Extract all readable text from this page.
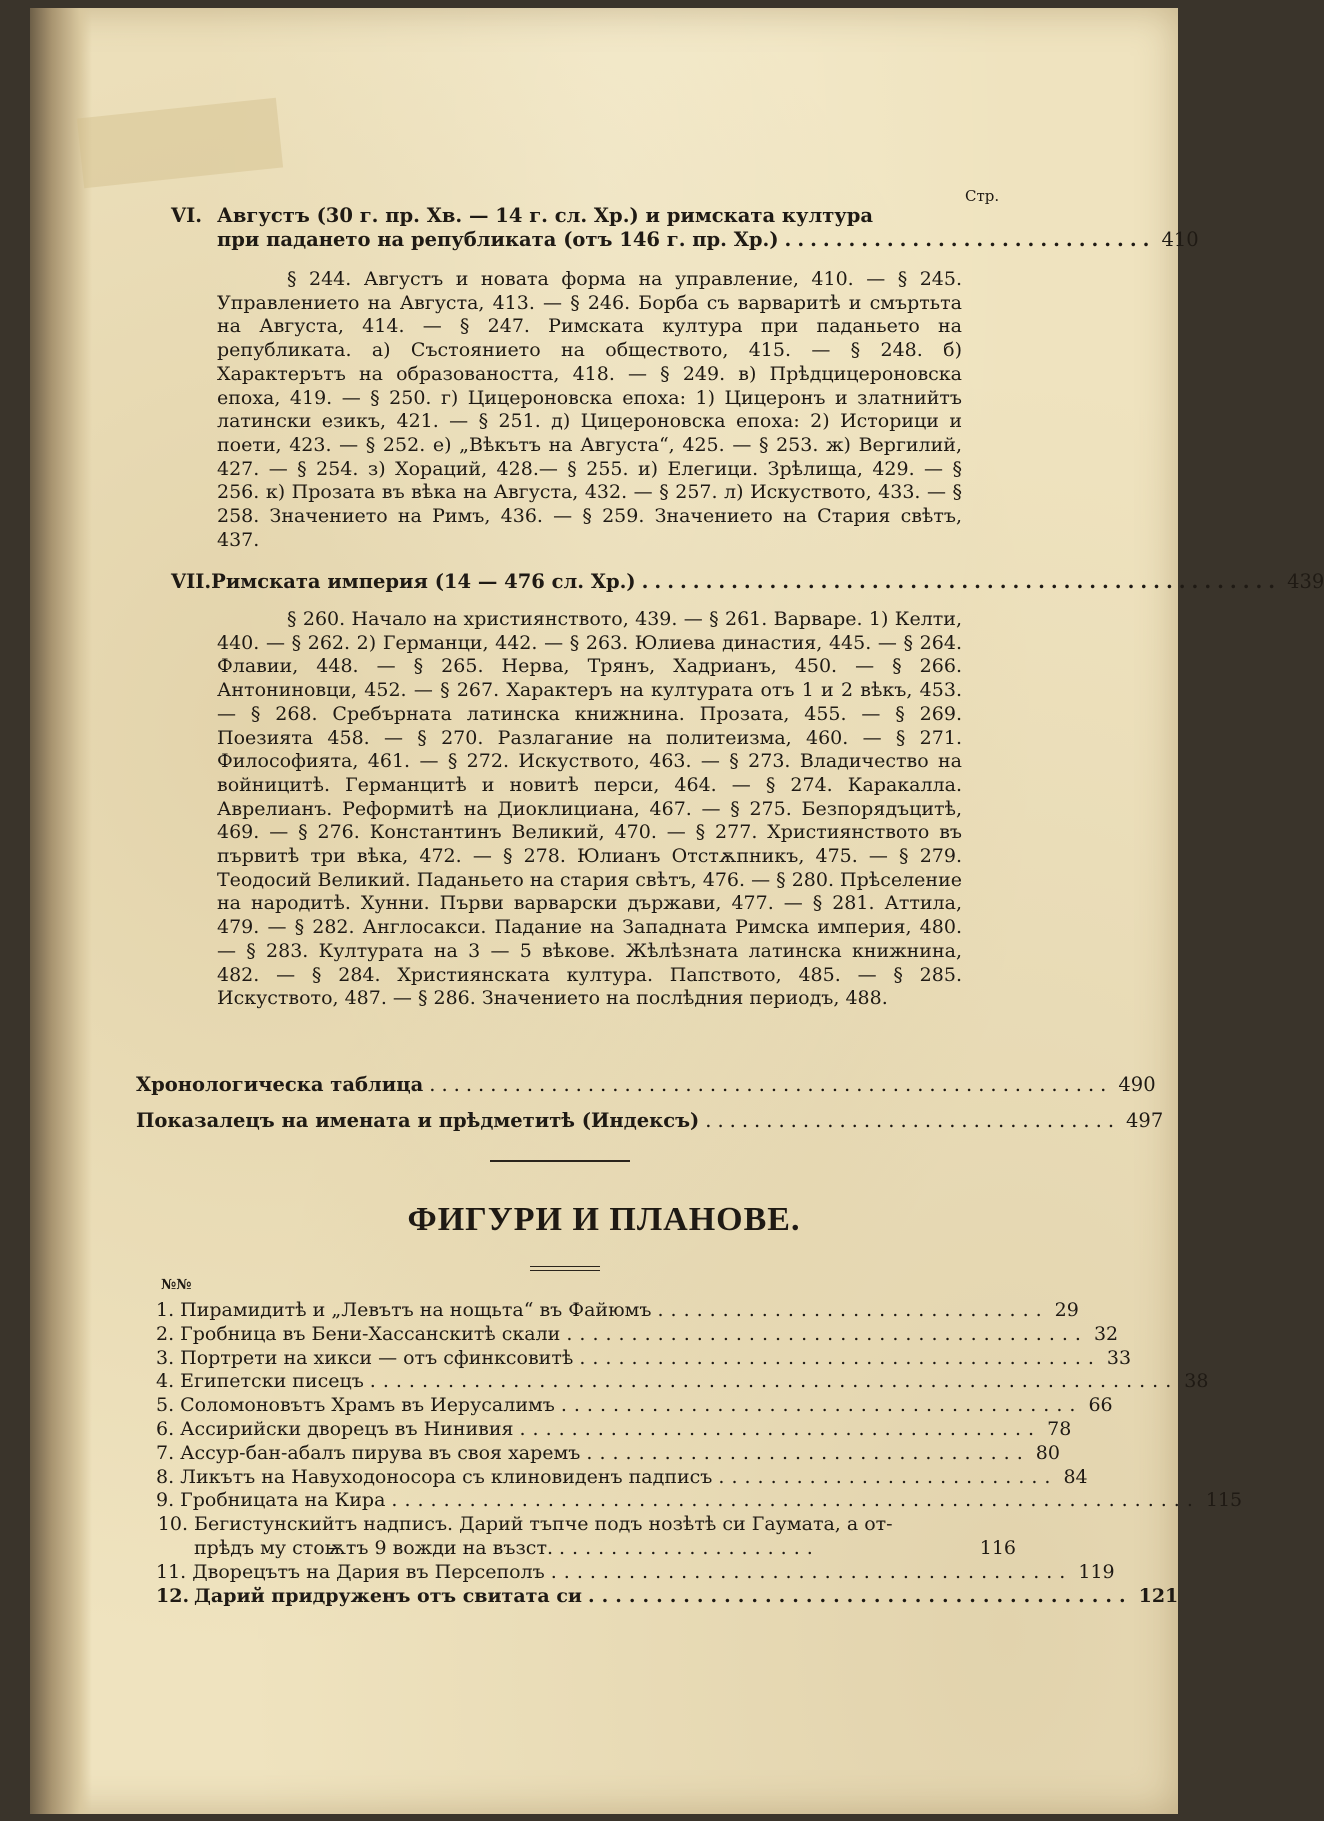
Стр.
VI. Августъ (30 г. пр. Хв. — 14 г. сл. Хр.) и римската култура
при падането на републиката (отъ 146 г. пр. Хр.) ............................. 410
§ 244. Августъ и новата форма на управление, 410. — § 245. Управлението на Августа, 413. — § 246. Борба съ варваритѣ и смъртьта на Августа, 414. — § 247. Римската култура при паданьето на републиката. а) Състоянието на обществото, 415. — § 248. б) Характерътъ на образоваността, 418. — § 249. в) Прѣдцицероновска епоха, 419. — § 250. г) Цицероновска епоха: 1) Цицеронъ и златнийтъ латински езикъ, 421. — § 251. д) Цицероновска епоха: 2) Историци и поети, 423. — § 252. е) „Вѣкътъ на Августа“, 425. — § 253. ж) Вергилий, 427. — § 254. з) Хораций, 428.— § 255. и) Елегици. Зрѣлища, 429. — § 256. к) Прозата въ вѣка на Августа, 432. — § 257. л) Искуството, 433. — § 258. Значението на Римъ, 436. — § 259. Значението на Стария свѣтъ, 437.
VII. Римската империя (14 — 476 сл. Хр.) .................................................. 439
§ 260. Начало на християнството, 439. — § 261. Варваре. 1) Келти, 440. — § 262. 2) Германци, 442. — § 263. Юлиева династия, 445. — § 264. Флавии, 448. — § 265. Нерва, Трянъ, Хадрианъ, 450. — § 266. Антониновци, 452. — § 267. Характеръ на културата отъ 1 и 2 вѣкъ, 453. — § 268. Сребърната латинска книжнина. Прозата, 455. — § 269. Поезията 458. — § 270. Разлагание на политеизма, 460. — § 271. Философията, 461. — § 272. Искуството, 463. — § 273. Владичество на войницитѣ. Германцитѣ и новитѣ перси, 464. — § 274. Каракалла. Аврелианъ. Реформитѣ на Диоклициана, 467. — § 275. Безпорядъцитѣ, 469. — § 276. Константинъ Великий, 470. — § 277. Християнството въ първитѣ три вѣка, 472. — § 278. Юлианъ Отстѫпникъ, 475. — § 279. Теодосий Великий. Паданьето на стария свѣтъ, 476. — § 280. Прѣселение на народитѣ. Хунни. Първи варварски държави, 477. — § 281. Аттила, 479. — § 282. Англосакси. Падание на Западната Римска империя, 480. — § 283. Културата на 3 — 5 вѣкове. Жѣлѣзната латинска книжнина, 482. — § 284. Християнската култура. Папството, 485. — § 285. Искуството, 487. — § 286. Значението на послѣдния периодъ, 488.
Хронологическа таблица ........................................................ 490
Показалецъ на имената и прѣдметитѣ (Индексъ) .................................. 497
ФИГУРИ И ПЛАНОВЕ.
№№
1. Пирамидитѣ и „Левътъ на нощьта“ въ Файюмъ .............................. 29
2. Гробница въ Бени-Хассанскитѣ скали ........................................ 32
3. Портрети на хикси — отъ сфинксовитѣ ........................................ 33
4. Египетски писецъ .............................................................. 38
5. Соломоновътъ Храмъ въ Иерусалимъ ........................................ 66
6. Ассирийски дворецъ въ Нинивия ........................................ 78
7. Ассур-бан-абалъ пирува въ своя харемъ .................................. 80
8. Ликътъ на Навуходоносора съ клиновиденъ падписъ .......................... 84
9. Гробницата на Кира .............................................................. 115
10. Бегистунскийтъ надписъ. Дарий тъпче подъ нозѣтѣ си Гаумата, а от-
прѣдъ му стоѭтъ 9 вожди на възст. ....................	116
11. Дворецътъ на Дария въ Персеполъ ........................................ 119
12. Дарий придруженъ отъ свитата си ........................................ 121
